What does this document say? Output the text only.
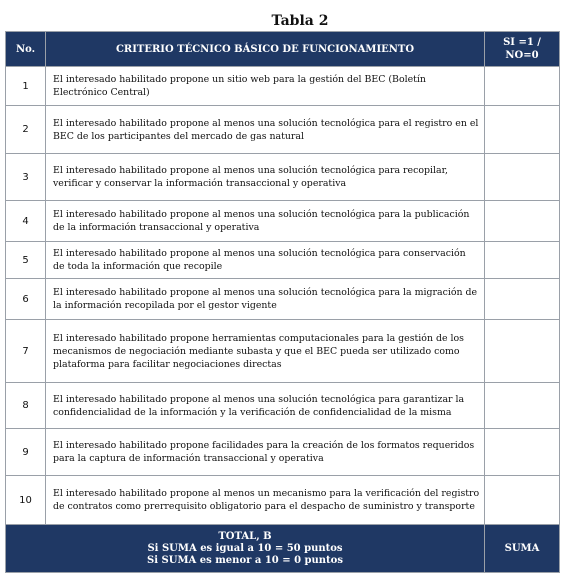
Tabla 2
No.	CRITERIO TÉCNICO BÁSICO DE FUNCIONAMIENTO	SI =1 /
NO=0

1	El interesado habilitado propone un sitio web para la gestión del BEC (Boletín Electrónico Central)	
2	El interesado habilitado propone al menos una solución tecnológica para el registro en el BEC de los participantes del mercado de gas natural	
3	El interesado habilitado propone al menos una solución tecnológica para recopilar, verificar y conservar la información transaccional y operativa	
4	El interesado habilitado propone al menos una solución tecnológica para la publicación de la información transaccional y operativa	
5	El interesado habilitado propone al menos una solución tecnológica para conservación de toda la información que recopile	
6	El interesado habilitado propone al menos una solución tecnológica para la migración de la información recopilada por el gestor vigente	
7	El interesado habilitado propone herramientas computacionales para la gestión de los mecanismos de negociación mediante subasta y que el BEC pueda ser utilizado como plataforma para facilitar negociaciones directas	
8	El interesado habilitado propone al menos una solución tecnológica para garantizar la confidencialidad de la información y la verificación de confidencialidad de la misma	
9	El interesado habilitado propone facilidades para la creación de los formatos requeridos para la captura de información transaccional y operativa	
10	El interesado habilitado propone al menos un mecanismo para la verificación del registro de contratos como prerrequisito obligatorio para el despacho de suministro y transporte	

TOTAL, B
Si SUMA es igual a 10 = 50 puntos
Si SUMA es menor a 10 = 0 puntos		SUMA
